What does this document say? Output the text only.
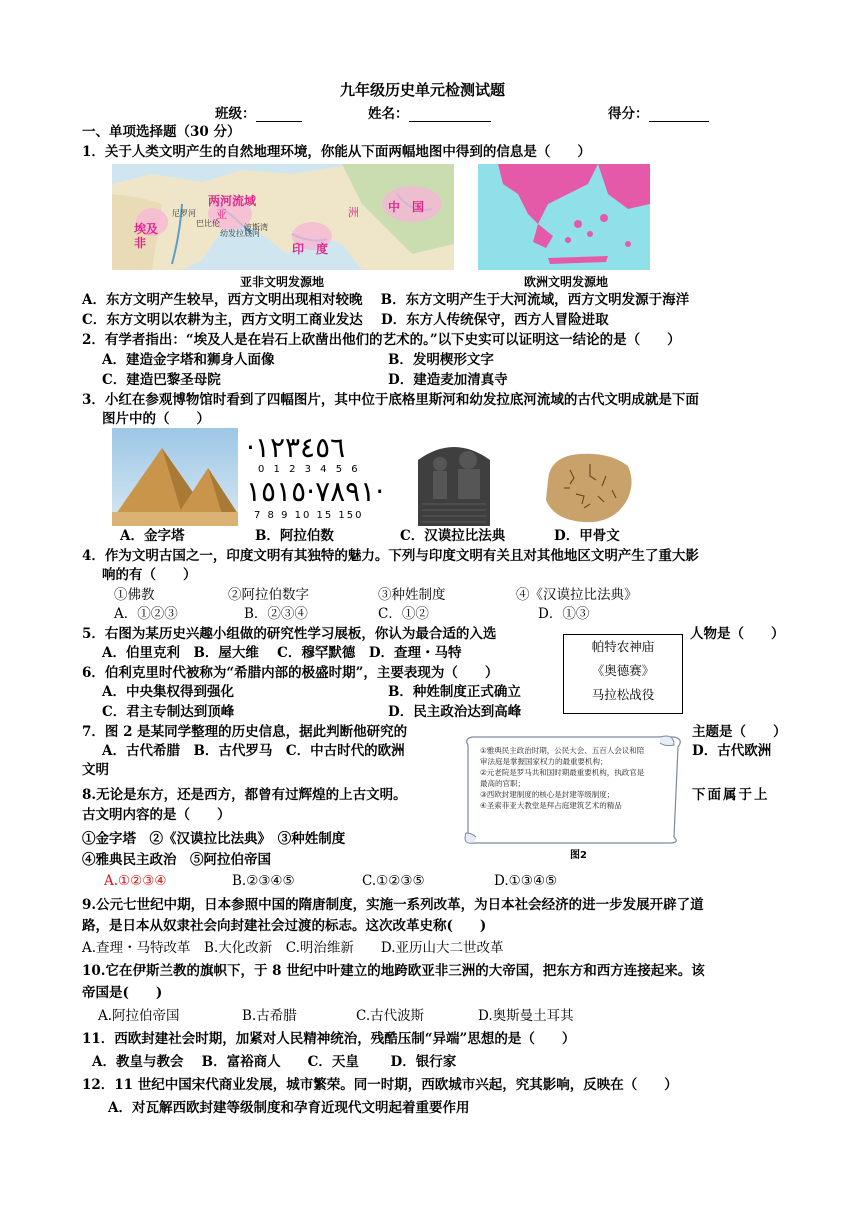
九年级历史单元检测试题
班级：	姓名：	得分：
一、单项选择题（30 分）
1．关于人类文明产生的自然地理环境，你能从下面两幅地图中得到的信息是（　　）
两河流域
埃及
非
亚	洲 中　国
印　度
波斯湾
尼罗河
巴比伦
幼发拉底河
亚非文明发源地	欧洲文明发源地
A．东方文明产生较早，西方文明出现相对较晚　 B．东方文明产生于大河流域，西方文明发源于海洋
C．东方文明以农耕为主，西方文明工商业发达　 D．东方人传统保守，西方人冒险进取
2．有学者指出：“埃及人是在岩石上砍凿出他们的艺术的。”以下史实可以证明这一结论的是（　　）
A．建造金字塔和狮身人面像	B．发明楔形文字
C．建造巴黎圣母院	D．建造麦加清真寺
3．小红在参观博物馆时看到了四幅图片，其中位于底格里斯河和幼发拉底河流域的古代文明成就是下面
图片中的（　　）
·١٢٣٤٥٦
0 1 2 3 4 5 6
٧٨٩١·١٥١٥·
7 8 9 10 15 150
A．金字塔	B．阿拉伯数	C．汉谟拉比法典	D．甲骨文
4．作为文明古国之一，印度文明有其独特的魅力。下列与印度文明有关且对其他地区文明产生了重大影
响的有（　　）
①佛教	②阿拉伯数字	③种姓制度	④《汉谟拉比法典》
A．①②③	B．②③④	C．①②	D．①③
5．右图为某历史兴趣小组做的研究性学习展板，你认为最合适的入选	人物是（　　）
A．伯里克利　B．屋大维　 C．穆罕默德　D．查理・马特	帕特农神庙
《奥德赛》
马拉松战役
6．伯利克里时代被称为“希腊内部的极盛时期”，主要表现为（　　）
A．中央集权得到强化	B．种姓制度正式确立
C．君主专制达到顶峰	D．民主政治达到高峰
7．图 2 是某同学整理的历史信息，据此判断他研究的	主题是（　　）
A．古代希腊　B．古代罗马　C．中古时代的欧洲	D．古代欧洲
文明
①雅典民主政治时期，公民大会、五百人会议和陪
审法庭是掌握国家权力的最重要机构；
②元老院是罗马共和国时期最重要机构，执政官是
最高的官职；
③西欧封建制度的核心是封建等级制度；
④圣索菲亚大教堂是拜占庭建筑艺术的精品
图2
8.无论是东方，还是西方，都曾有过辉煌的上古文明。	下面属于上
古文明内容的是（　　）
①金字塔　②《汉谟拉比法典》　③种姓制度
④雅典民主政治　⑤阿拉伯帝国
A.①②③④	B.②③④⑤	C.①②③⑤	D.①③④⑤
9.公元七世纪中期，日本参照中国的隋唐制度，实施一系列改革，为日本社会经济的进一步发展开辟了道
路，是日本从奴隶社会向封建社会过渡的标志。这次改革史称(　　)
A.查理・马特改革　B.大化改新　C.明治维新　　D.亚历山大二世改革
10.它在伊斯兰教的旗帜下，于 8 世纪中叶建立的地跨欧亚非三洲的大帝国，把东方和西方连接起来。该
帝国是(　　)
A.阿拉伯帝国	B.古希腊	C.古代波斯	D.奥斯曼土耳其
11．西欧封建社会时期，加紧对人民精神统治，残酷压制“异端”思想的是（　　）
A．教皇与教会　 B．富裕商人　　C．天皇　　 D．银行家
12．11 世纪中国宋代商业发展，城市繁荣。同一时期，西欧城市兴起，究其影响，反映在（　　）
A．对瓦解西欧封建等级制度和孕育近现代文明起着重要作用
